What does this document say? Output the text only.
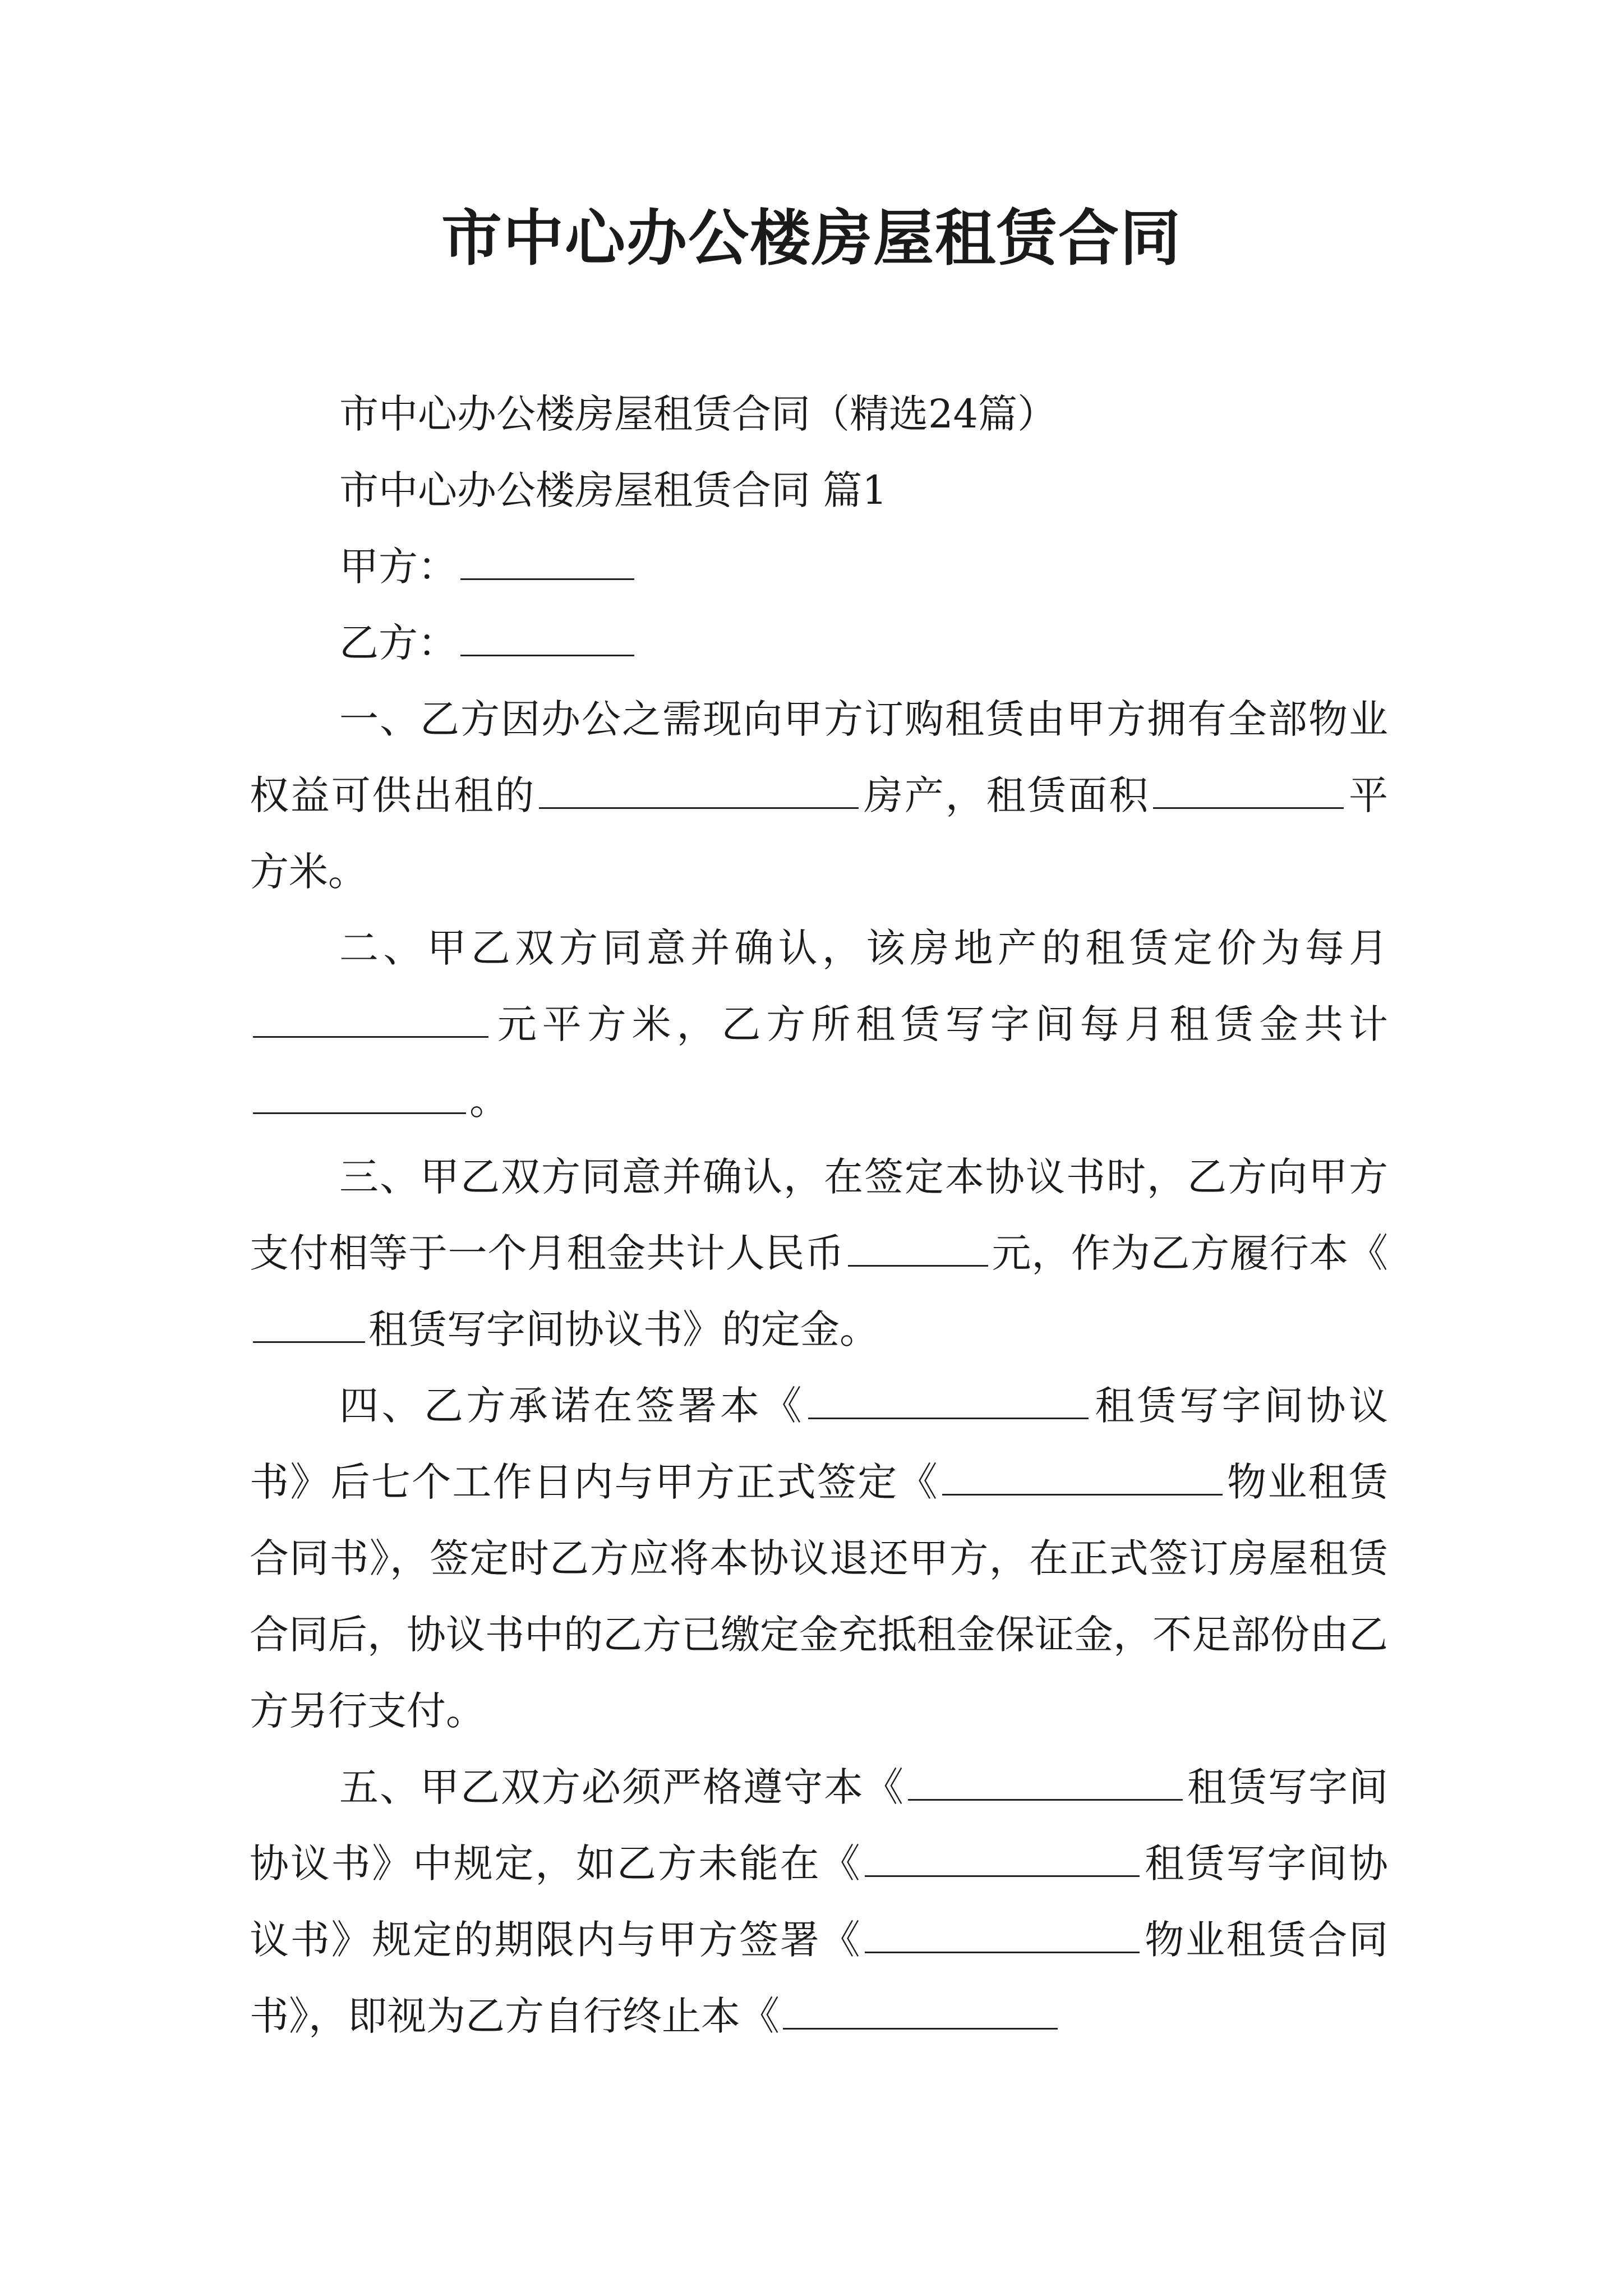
市中心办公楼房屋租赁合同

市中心办公楼房屋租赁合同（精选24篇）

市中心办公楼房屋租赁合同 篇1

甲方：

乙方：

一、乙方因办公之需现向甲方订购租赁由甲方拥有全部物业权益可供出租的	房产，租赁面积	平方米。

二、甲乙双方同意并确认，该房地产的租赁定价为每月元平方米，乙方所租赁写字间每月租赁金共计。

三、甲乙双方同意并确认，在签定本协议书时，乙方向甲方支付相等于一个月租金共计人民币	元，作为乙方履行本《租赁写字间协议书》的定金。

四、乙方承诺在签署本《	租赁写字间协议书》后七个工作日内与甲方正式签定《	物业租赁合同书》，签定时乙方应将本协议退还甲方，在正式签订房屋租赁合同后，协议书中的乙方已缴定金充抵租金保证金，不足部份由乙方另行支付。

五、甲乙双方必须严格遵守本《	租赁写字间协议书》中规定，如乙方未能在《	租赁写字间协议书》规定的期限内与甲方签署《	物业租赁合同书》，即视为乙方自行终止本《
